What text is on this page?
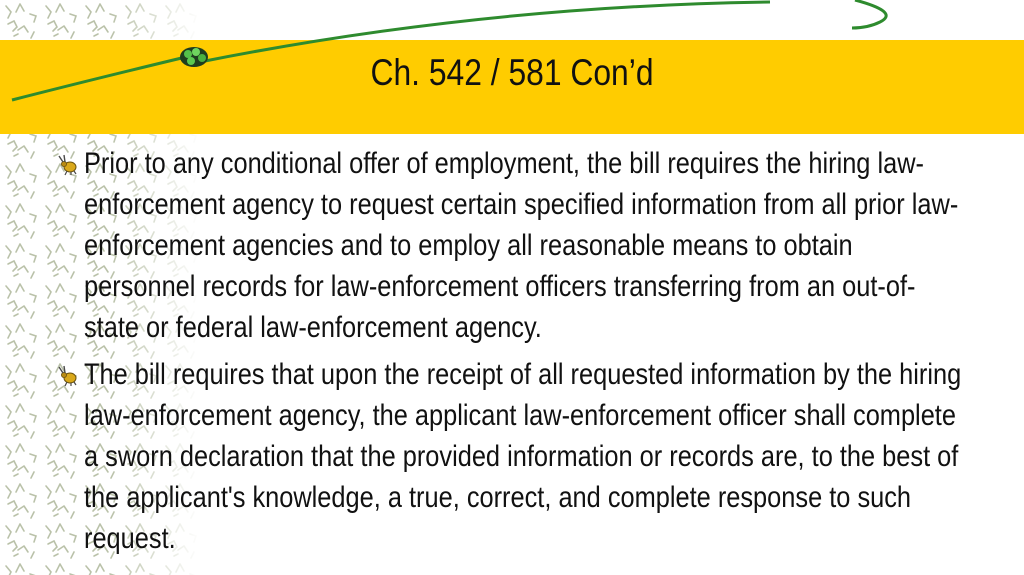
Ch. 542 / 581 Con’d
Prior to any conditional offer of employment, the bill requires the hiring law-enforcement agency to request certain specified information from all prior law-enforcement agencies and to employ all reasonable means to obtain personnel records for law-enforcement officers transferring from an out-of-state or federal law-enforcement agency.
The bill requires that upon the receipt of all requested information by the hiring law-enforcement agency, the applicant law-enforcement officer shall complete a sworn declaration that the provided information or records are, to the best of the applicant's knowledge, a true, correct, and complete response to such request.
